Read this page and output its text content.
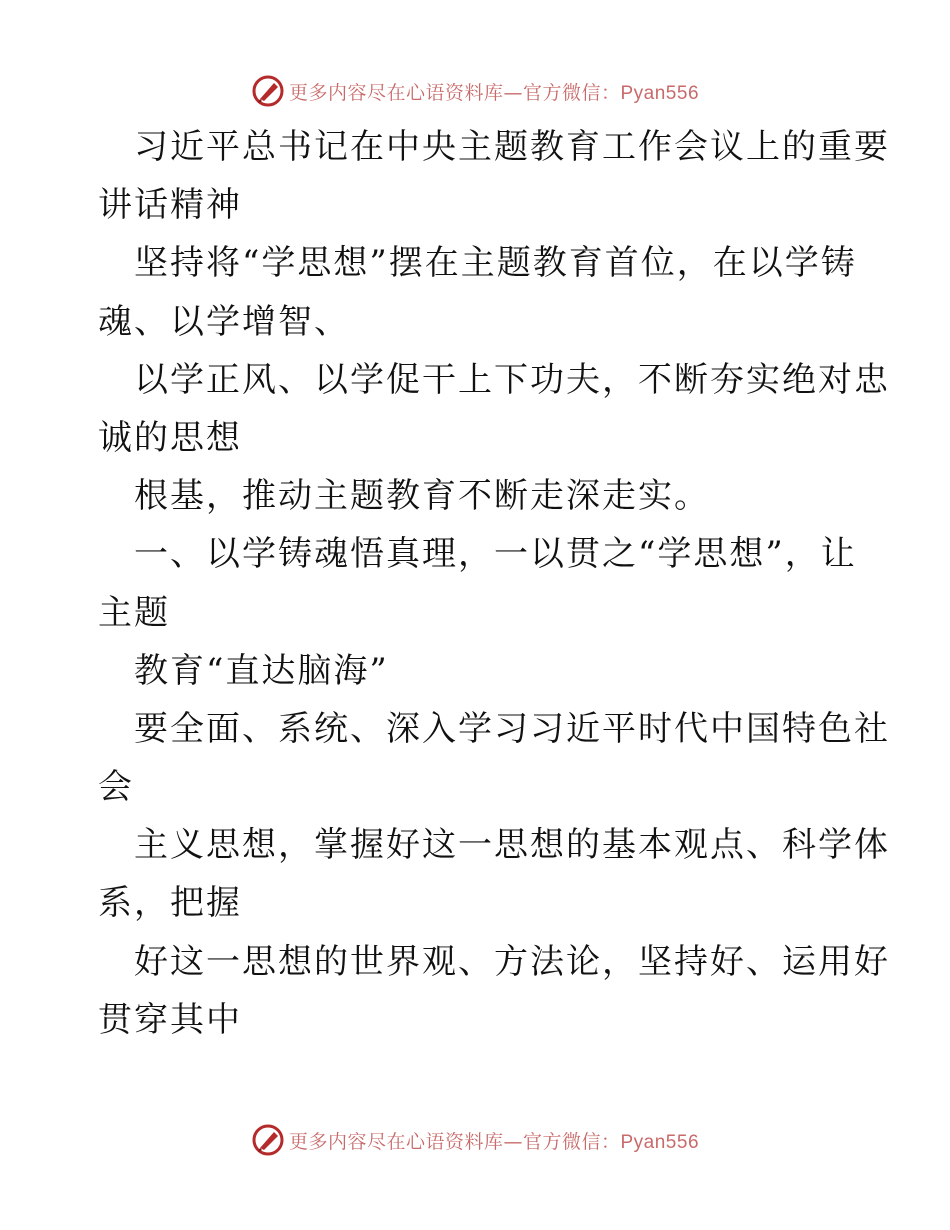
更多内容尽在心语资料库—官方微信：Pyan556
习近平总书记在中央主题教育工作会议上的重要
讲话精神
坚持将“学思想”摆在主题教育首位，在以学铸
魂、以学增智、
以学正风、以学促干上下功夫，不断夯实绝对忠
诚的思想
根基，推动主题教育不断走深走实。
一、以学铸魂悟真理，一以贯之“学思想”，让
主题
教育“直达脑海”
要全面、系统、深入学习习近平时代中国特色社
会
主义思想，掌握好这一思想的基本观点、科学体
系，把握
好这一思想的世界观、方法论，坚持好、运用好
贯穿其中
更多内容尽在心语资料库—官方微信：Pyan556
